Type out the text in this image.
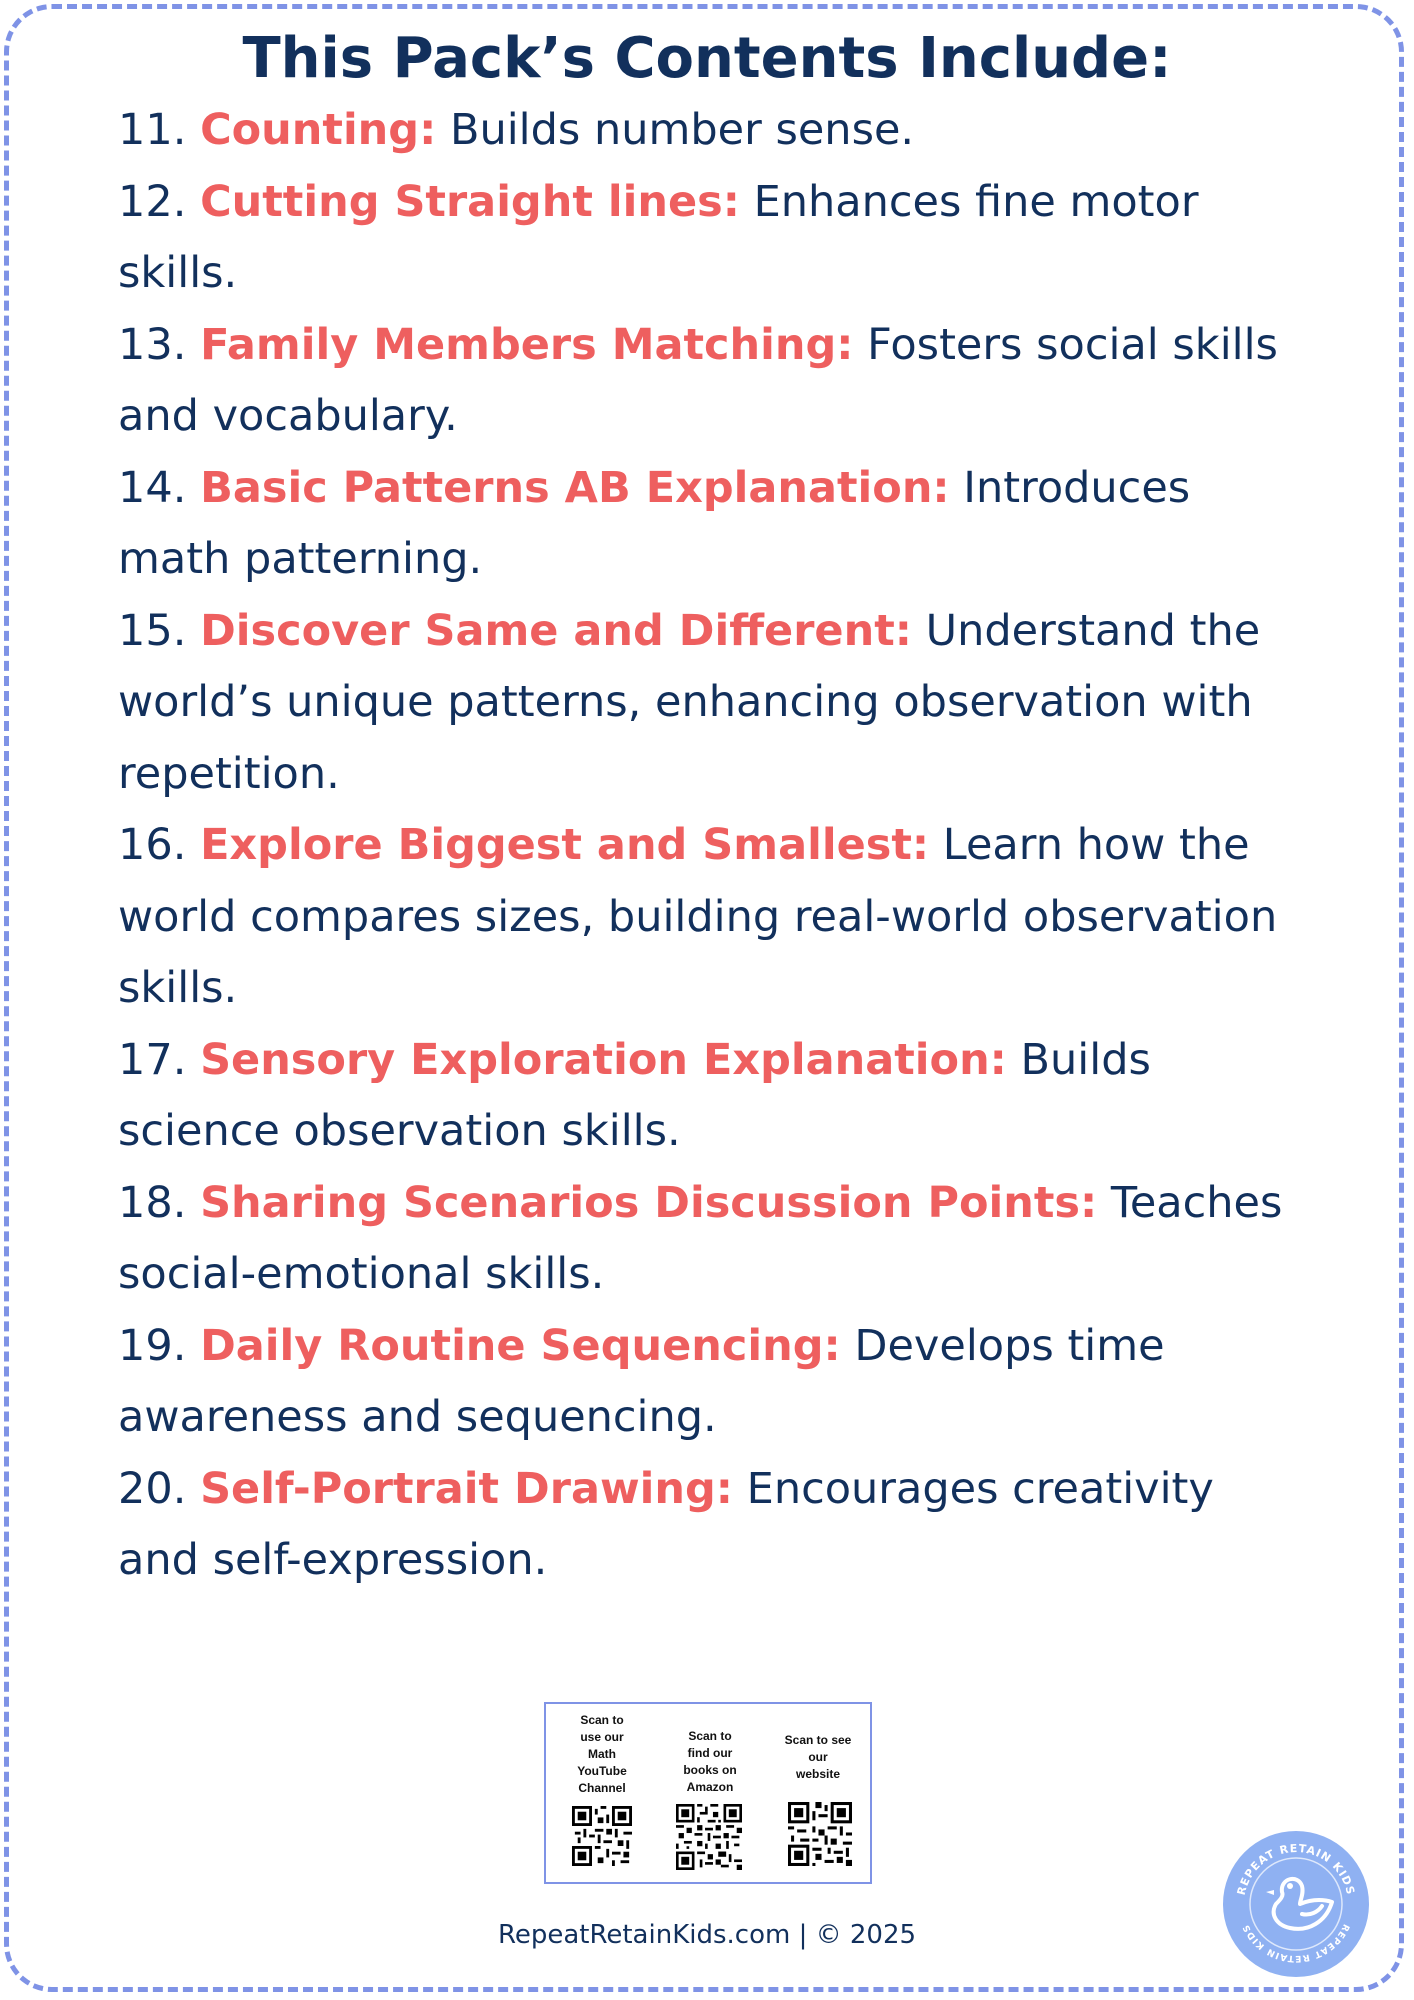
This Pack’s Contents Include:
11. Counting: Builds number sense.
12. Cutting Straight lines: Enhances fine motor skills.
13. Family Members Matching: Fosters social skills and vocabulary.
14. Basic Patterns AB Explanation: Introduces math patterning.
15. Discover Same and Different: Understand the world’s unique patterns, enhancing observation with repetition.
16. Explore Biggest and Smallest: Learn how the world compares sizes, building real-world observation skills.
17. Sensory Exploration Explanation: Builds science observation skills.
18. Sharing Scenarios Discussion Points: Teaches social-emotional skills.
19. Daily Routine Sequencing: Develops time awareness and sequencing.
20. Self-Portrait Drawing: Encourages creativity and self-expression.
Scan to
use our
Math
YouTube
Channel
Scan to
find our
books on
Amazon
Scan to see
our
website
RepeatRetainKids.com | © 2025
REPEAT RETAIN KIDS
REPEAT RETAIN KIDS
